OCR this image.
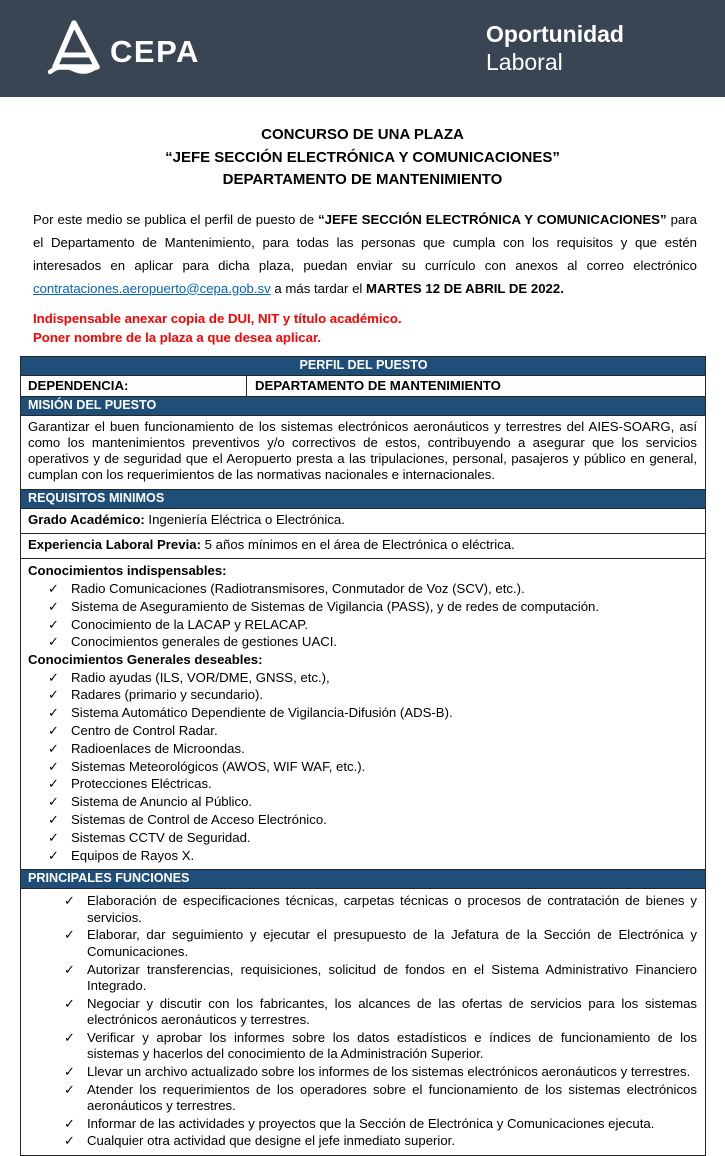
CEPA	Oportunidad
Laboral
CONCURSO DE UNA PLAZA
“JEFE SECCIÓN ELECTRÓNICA Y COMUNICACIONES”
DEPARTAMENTO DE MANTENIMIENTO

Por este medio se publica el perfil de puesto de “JEFE SECCIÓN ELECTRÓNICA Y COMUNICACIONES” para el Departamento de Mantenimiento, para todas las personas que cumpla con los requisitos y que estén interesados en aplicar para dicha plaza, puedan enviar su currículo con anexos al correo electrónico contrataciones.aeropuerto@cepa.gob.sv a más tardar el MARTES 12 DE ABRIL DE 2022.

Indispensable anexar copia de DUI, NIT y título académico.
Poner nombre de la plaza a que desea aplicar.
PERFIL DEL PUESTO
DEPENDENCIA:	DEPARTAMENTO DE MANTENIMIENTO
MISIÓN DEL PUESTO
Garantizar el buen funcionamiento de los sistemas electrónicos aeronáuticos y terrestres del AIES-SOARG, así como los mantenimientos preventivos y/o correctivos de estos, contribuyendo a asegurar que los servicios operativos y de seguridad que el Aeropuerto presta a las tripulaciones, personal, pasajeros y público en general, cumplan con los requerimientos de las normativas nacionales e internacionales.
REQUISITOS MINIMOS
Grado Académico: Ingeniería Eléctrica o Electrónica.
Experiencia Laboral Previa: 5 años mínimos en el área de Electrónica o eléctrica.
Conocimientos indispensables:
✓ Radio Comunicaciones (Radiotransmisores, Conmutador de Voz (SCV), etc.).
✓ Sistema de Aseguramiento de Sistemas de Vigilancia (PASS), y de redes de computación.
✓ Conocimiento de la LACAP y RELACAP.
✓ Conocimientos generales de gestiones UACI.
Conocimientos Generales deseables:
✓ Radio ayudas (ILS, VOR/DME, GNSS, etc.),
✓ Radares (primario y secundario).
✓ Sistema Automático Dependiente de Vigilancia-Difusión (ADS-B).
✓ Centro de Control Radar.
✓ Radioenlaces de Microondas.
✓ Sistemas Meteorológicos (AWOS, WIF WAF, etc.).
✓ Protecciones Eléctricas.
✓ Sistema de Anuncio al Público.
✓ Sistemas de Control de Acceso Electrónico.
✓ Sistemas CCTV de Seguridad.
✓ Equipos de Rayos X.
PRINCIPALES FUNCIONES
✓ Elaboración de especificaciones técnicas, carpetas técnicas o procesos de contratación de bienes y servicios.
✓ Elaborar, dar seguimiento y ejecutar el presupuesto de la Jefatura de la Sección de Electrónica y Comunicaciones.
✓ Autorizar transferencias, requisiciones, solicitud de fondos en el Sistema Administrativo Financiero Integrado.
✓ Negociar y discutir con los fabricantes, los alcances de las ofertas de servicios para los sistemas electrónicos aeronáuticos y terrestres.
✓ Verificar y aprobar los informes sobre los datos estadísticos e índices de funcionamiento de los sistemas y hacerlos del conocimiento de la Administración Superior.
✓ Llevar un archivo actualizado sobre los informes de los sistemas electrónicos aeronáuticos y terrestres.
✓ Atender los requerimientos de los operadores sobre el funcionamiento de los sistemas electrónicos aeronáuticos y terrestres.
✓ Informar de las actividades y proyectos que la Sección de Electrónica y Comunicaciones ejecuta.
✓ Cualquier otra actividad que designe el jefe inmediato superior.
